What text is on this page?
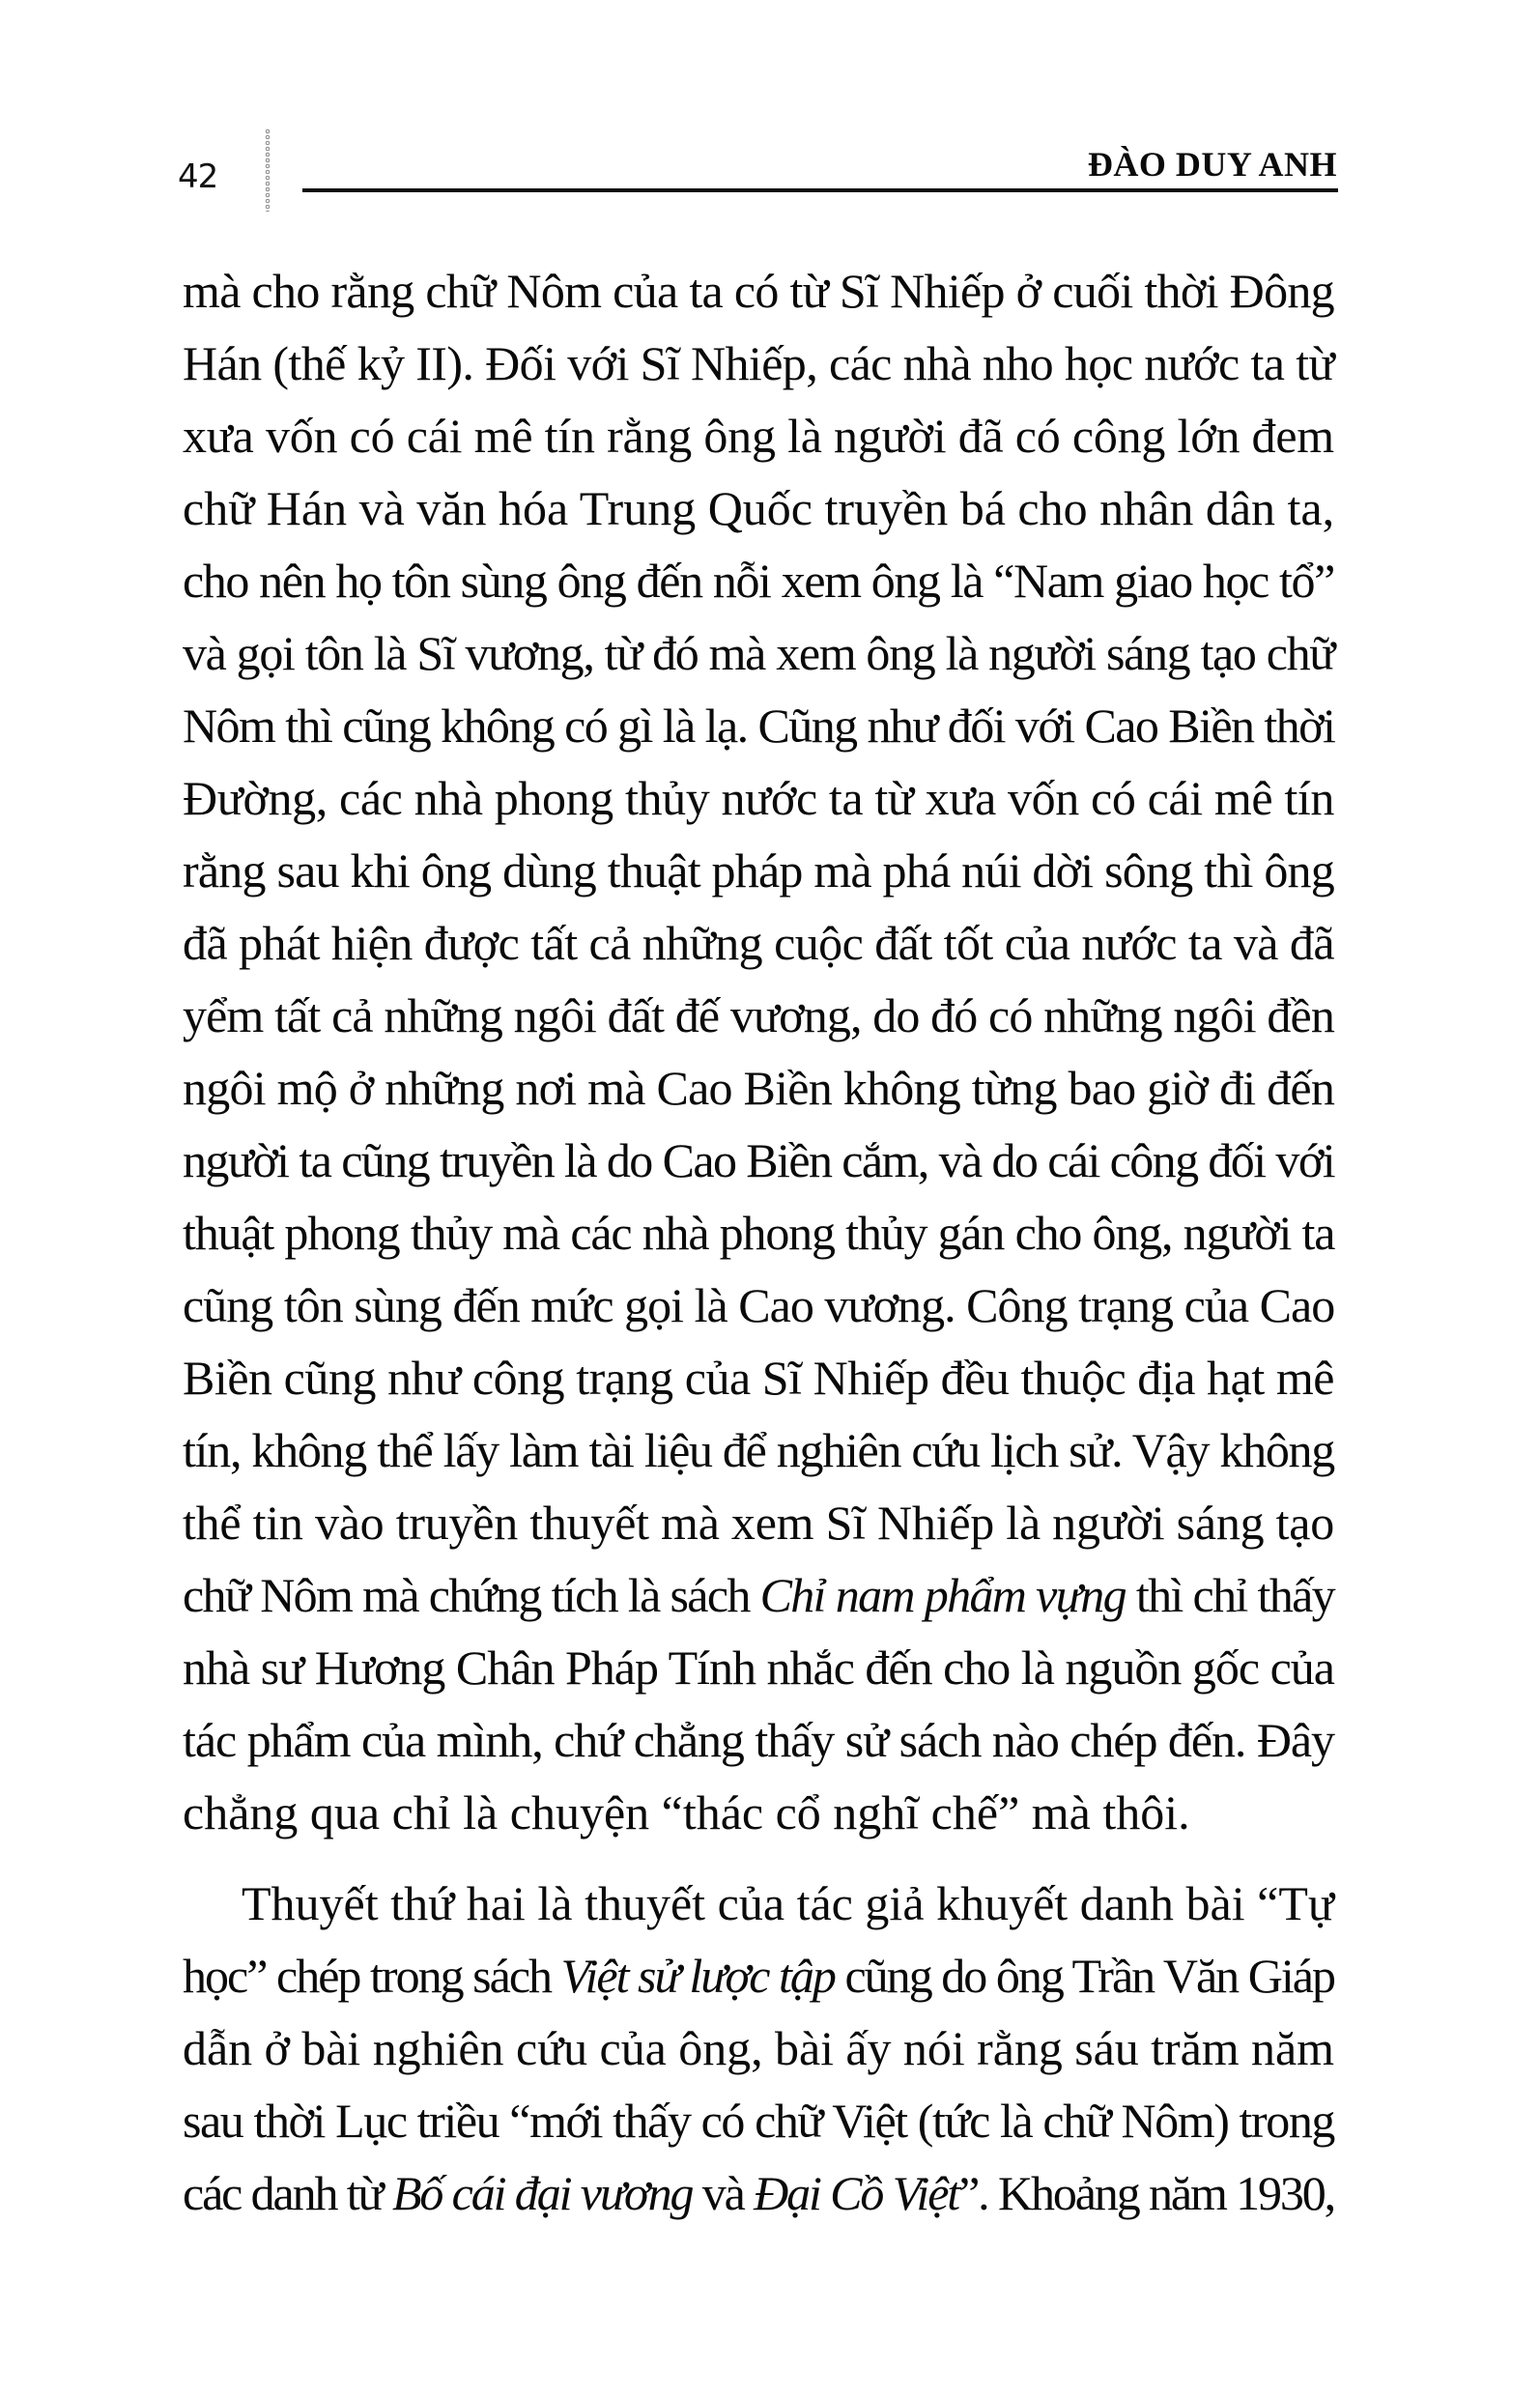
42	ĐÀO DUY ANH
mà cho rằng chữ Nôm của ta có từ Sĩ Nhiếp ở cuối thời Đông
Hán (thế kỷ II). Đối với Sĩ Nhiếp, các nhà nho học nước ta từ
xưa vốn có cái mê tín rằng ông là người đã có công lớn đem
chữ Hán và văn hóa Trung Quốc truyền bá cho nhân dân ta,
cho nên họ tôn sùng ông đến nỗi xem ông là “Nam giao học tổ”
và gọi tôn là Sĩ vương, từ đó mà xem ông là người sáng tạo chữ
Nôm thì cũng không có gì là lạ. Cũng như đối với Cao Biền thời
Đường, các nhà phong thủy nước ta từ xưa vốn có cái mê tín
rằng sau khi ông dùng thuật pháp mà phá núi dời sông thì ông
đã phát hiện được tất cả những cuộc đất tốt của nước ta và đã
yểm tất cả những ngôi đất đế vương, do đó có những ngôi đền
ngôi mộ ở những nơi mà Cao Biền không từng bao giờ đi đến
người ta cũng truyền là do Cao Biền cắm, và do cái công đối với
thuật phong thủy mà các nhà phong thủy gán cho ông, người ta
cũng tôn sùng đến mức gọi là Cao vương. Công trạng của Cao
Biền cũng như công trạng của Sĩ Nhiếp đều thuộc địa hạt mê
tín, không thể lấy làm tài liệu để nghiên cứu lịch sử. Vậy không
thể tin vào truyền thuyết mà xem Sĩ Nhiếp là người sáng tạo
chữ Nôm mà chứng tích là sách Chỉ nam phẩm vựng thì chỉ thấy
nhà sư Hương Chân Pháp Tính nhắc đến cho là nguồn gốc của
tác phẩm của mình, chứ chẳng thấy sử sách nào chép đến. Đây
chẳng qua chỉ là chuyện “thác cổ nghĩ chế” mà thôi.
Thuyết thứ hai là thuyết của tác giả khuyết danh bài “Tự
học” chép trong sách Việt sử lược tập cũng do ông Trần Văn Giáp
dẫn ở bài nghiên cứu của ông, bài ấy nói rằng sáu trăm năm
sau thời Lục triều “mới thấy có chữ Việt (tức là chữ Nôm) trong
các danh từ Bố cái đại vương và Đại Cồ Việt”. Khoảng năm 1930,
